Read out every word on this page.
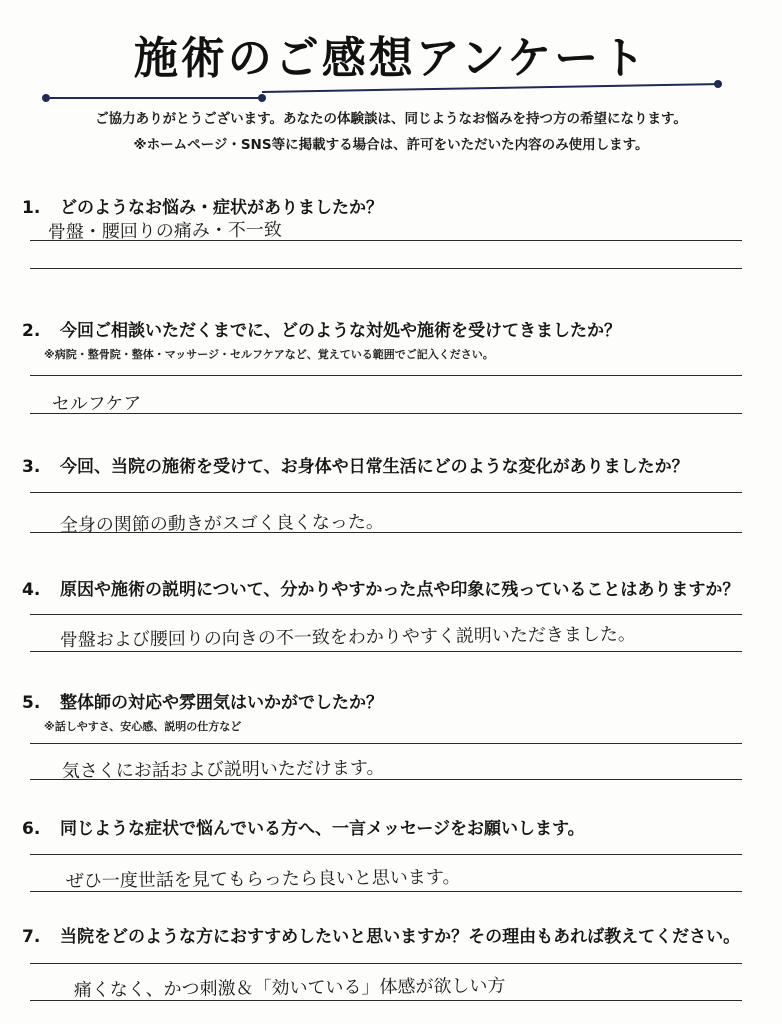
施術のご感想アンケート
ご協力ありがとうございます。あなたの体験談は、同じようなお悩みを持つ方の希望になります。
※ホームページ・SNS等に掲載する場合は、許可をいただいた内容のみ使用します。
1. どのようなお悩み・症状がありましたか？
骨盤・腰回りの痛み・不一致
2. 今回ご相談いただくまでに、どのような対処や施術を受けてきましたか？
※病院・整骨院・整体・マッサージ・セルフケアなど、覚えている範囲でご記入ください。
セルフケア
3. 今回、当院の施術を受けて、お身体や日常生活にどのような変化がありましたか？
全身の関節の動きがスゴく良くなった。
4. 原因や施術の説明について、分かりやすかった点や印象に残っていることはありますか？
骨盤および腰回りの向きの不一致をわかりやすく説明いただきました。
5. 整体師の対応や雰囲気はいかがでしたか？
※話しやすさ、安心感、説明の仕方など
気さくにお話および説明いただけます。
6. 同じような症状で悩んでいる方へ、一言メッセージをお願いします。
ぜひ一度世話を見てもらったら良いと思います。
7. 当院をどのような方におすすめしたいと思いますか？その理由もあれば教えてください。
痛くなく、かつ刺激＆「効いている」体感が欲しい方
